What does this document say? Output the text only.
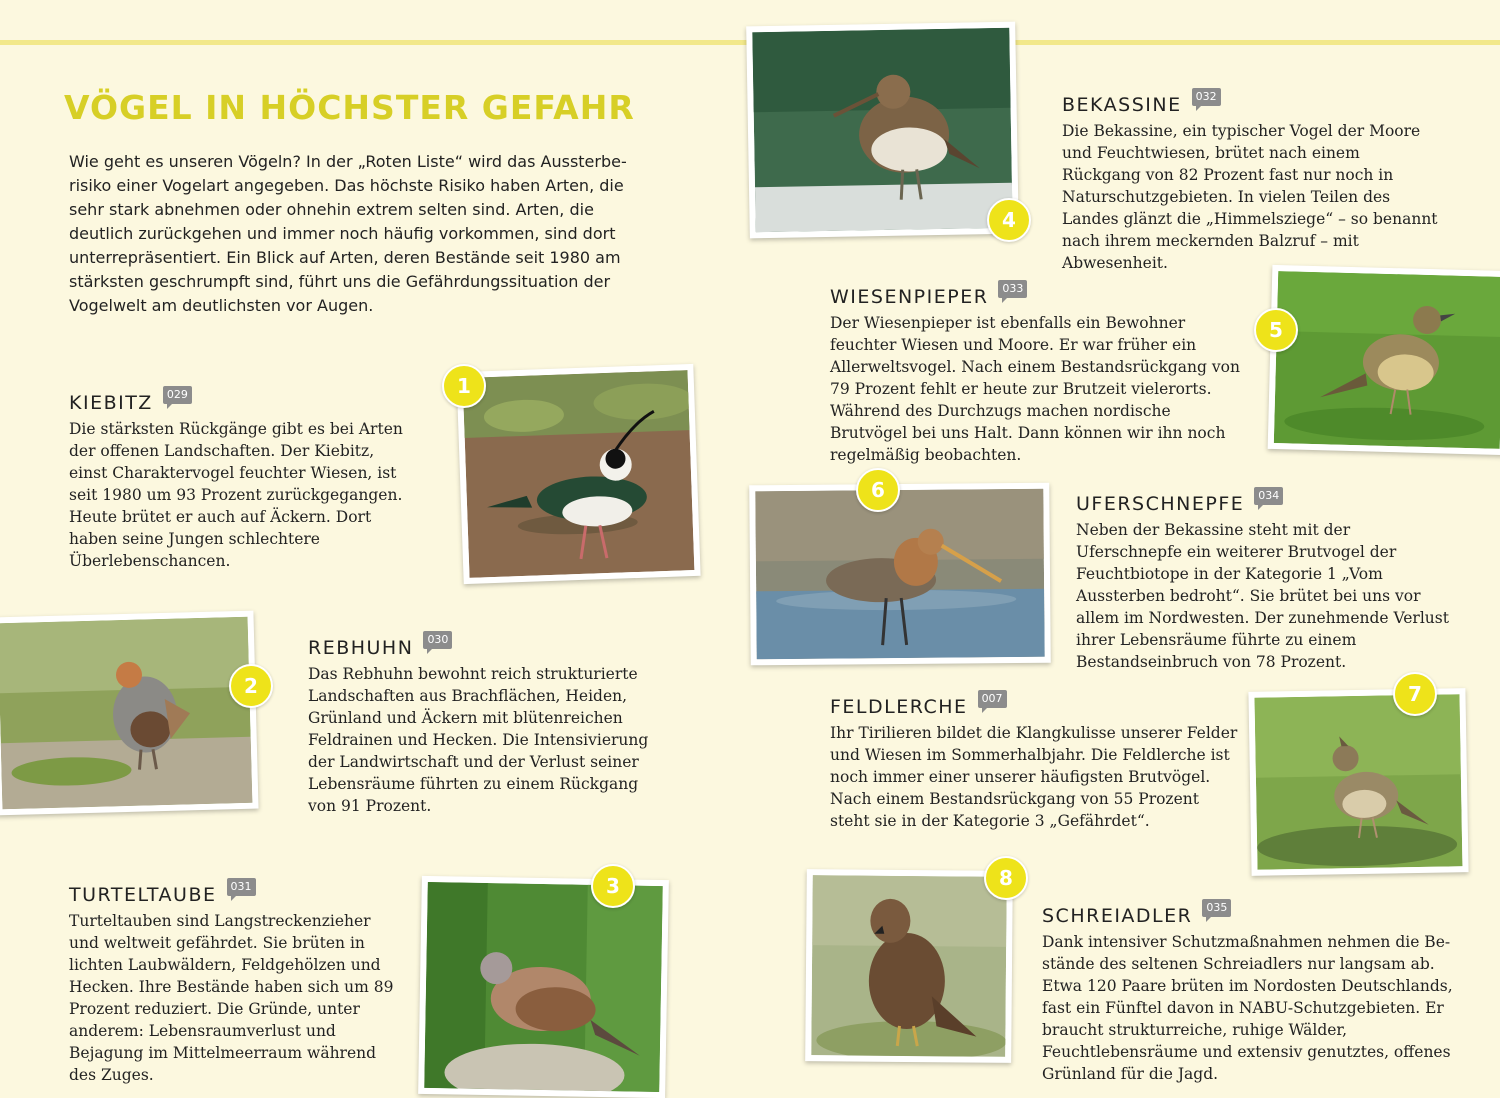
VÖGEL IN HÖCHSTER GEFAHR

Wie geht es unseren Vögeln? In der „Roten Liste“ wird das Aussterberisiko einer Vogelart angegeben. Das höchste Risiko haben Arten, die sehr stark abnehmen oder ohnehin extrem selten sind. Arten, die deutlich zurückgehen und immer noch häufig vorkommen, sind dort unterrepräsentiert. Ein Blick auf Arten, deren Bestände seit 1980 am stärksten geschrumpft sind, führt uns die Gefährdungssituation der Vogelwelt am deutlichsten vor Augen.

KIEBITZ	029

Die stärksten Rückgänge gibt es bei Arten der offenen Landschaften. Der Kiebitz, einst Charaktervogel feuchter Wiesen, ist seit 1980 um 93 Prozent zurückgegangen. Heute brütet er auch auf Äckern. Dort haben seine Jungen schlechtere Überlebenschancen.

1
2
REBHUHN	030

Das Rebhuhn bewohnt reich strukturierte Landschaften aus Brachflächen, Heiden, Grünland und Äckern mit blütenreichen Feldrainen und Hecken. Die Intensivierung der Landwirtschaft und der Verlust seiner Lebensräume führten zu einem Rückgang von 91 Prozent.

TURTELTAUBE	031

Turteltauben sind Langstreckenzieher und weltweit gefährdet. Sie brüten in lichten Laubwäldern, Feldgehölzen und Hecken. Ihre Bestände haben sich um 89 Prozent reduziert. Die Gründe, unter anderem: Lebensraumverlust und Bejagung im Mittelmeerraum während des Zuges.

3
4
BEKASSINE	032

Die Bekassine, ein typischer Vogel der Moore und Feuchtwiesen, brütet nach einem Rückgang von 82 Prozent fast nur noch in Naturschutzgebieten. In vielen Teilen des Landes glänzt die „Himmelsziege“ – so benannt nach ihrem meckernden Balzruf – mit Abwesenheit.

WIESENPIEPER	033

Der Wiesenpieper ist ebenfalls ein Bewohner feuchter Wiesen und Moore. Er war früher ein Allerweltsvogel. Nach einem Bestandsrückgang von 79 Prozent fehlt er heute zur Brutzeit vielerorts. Während des Durchzugs machen nordische Brutvögel bei uns Halt. Dann können wir ihn noch regelmäßig beobachten.

5
6
UFERSCHNEPFE	034

Neben der Bekassine steht mit der Uferschnepfe ein weiterer Brutvogel der Feuchtbiotope in der Kategorie 1 „Vom Aussterben bedroht“. Sie brütet bei uns vor allem im Nordwesten. Der zunehmende Verlust ihrer Lebensräume führte zu einem Bestandseinbruch von 78 Prozent.

FELDLERCHE	007

Ihr Tirilieren bildet die Klangkulisse unserer Felder und Wiesen im Sommerhalbjahr. Die Feldlerche ist noch immer einer unserer häufigsten Brutvögel. Nach einem Bestandsrückgang von 55 Prozent steht sie in der Kategorie 3 „Gefährdet“.

7
8
SCHREIADLER	035

Dank intensiver Schutzmaßnahmen nehmen die Bestände des seltenen Schreiadlers nur langsam ab. Etwa 120 Paare brüten im Nordosten Deutschlands, fast ein Fünftel davon in NABU-Schutzgebieten. Er braucht strukturreiche, ruhige Wälder, Feuchtlebensräume und extensiv genutztes, offenes Grünland für die Jagd.
